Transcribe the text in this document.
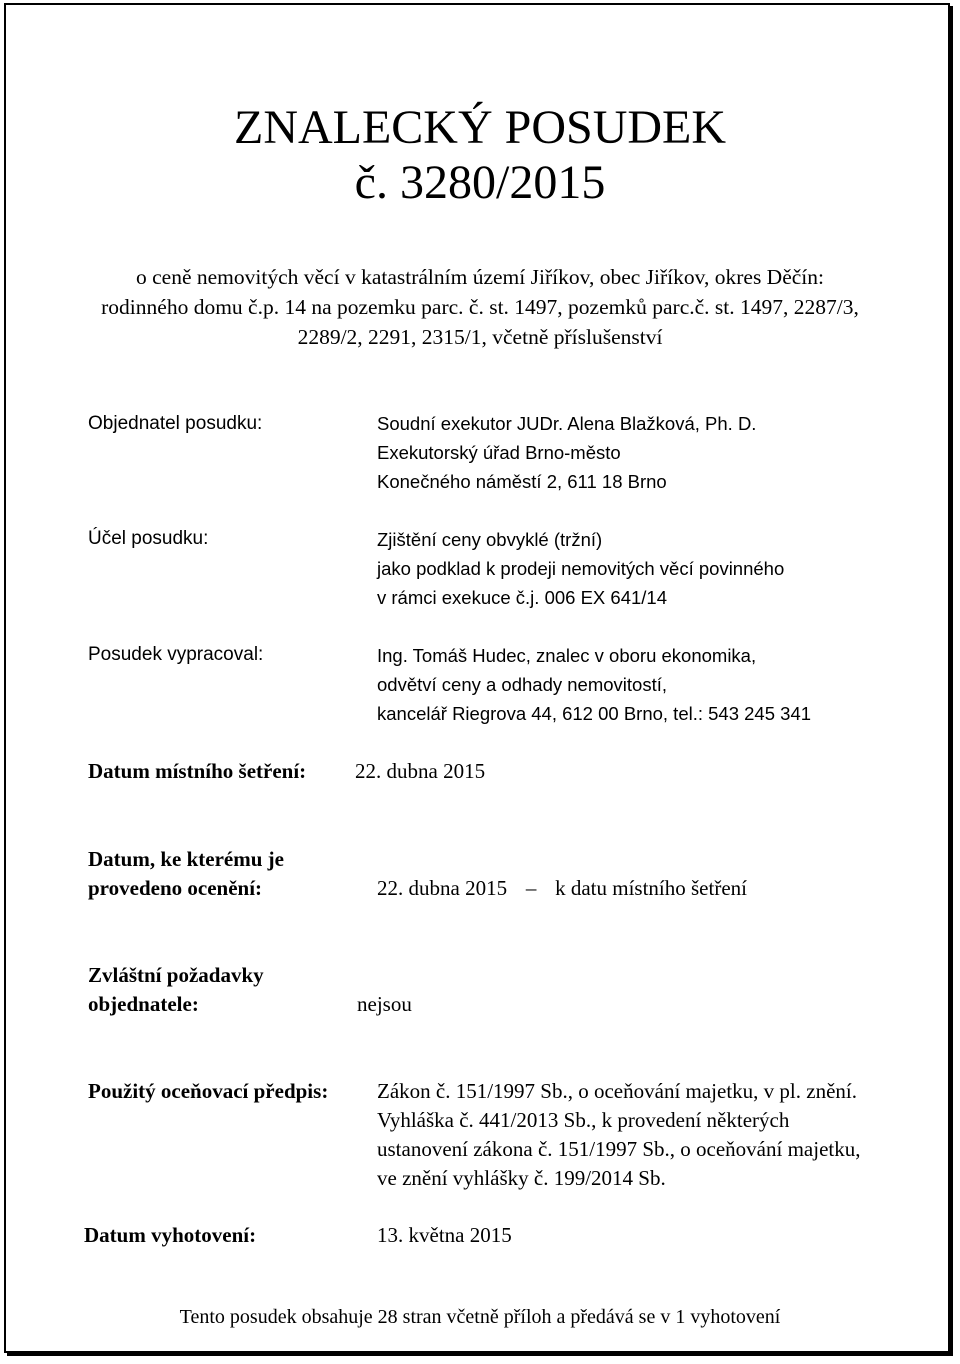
ZNALECKÝ POSUDEK
č. 3280/2015
o ceně nemovitých věcí v katastrálním území Jiříkov, obec Jiříkov, okres Děčín:
rodinného domu č.p. 14 na pozemku parc. č. st. 1497, pozemků parc.č. st. 1497, 2287/3,
2289/2, 2291, 2315/1, včetně příslušenství
Objednatel posudku:	Soudní exekutor JUDr. Alena Blažková, Ph. D.
Exekutorský úřad Brno-město
Konečného náměstí 2, 611 18 Brno
Účel posudku:	Zjištění ceny obvyklé (tržní)
jako podklad k prodeji nemovitých věcí povinného
v rámci exekuce č.j. 006 EX 641/14
Posudek vypracoval:	Ing. Tomáš Hudec, znalec v oboru ekonomika,
odvětví ceny a odhady nemovitostí,
kancelář Riegrova 44, 612 00 Brno, tel.: 543 245 341
Datum místního šetření: 22. dubna 2015
Datum, ke kterému je
provedeno ocenění:	22. dubna 2015 – k datu místního šetření
Zvláštní požadavky
objednatele:	nejsou
Použitý oceňovací předpis: Zákon č. 151/1997 Sb., o oceňování majetku, v pl. znění.
Vyhláška č. 441/2013 Sb., k provedení některých
ustanovení zákona č. 151/1997 Sb., o oceňování majetku,
ve znění vyhlášky č. 199/2014 Sb.
Datum vyhotovení:	13. května 2015
Tento posudek obsahuje 28 stran včetně příloh a předává se v 1 vyhotovení
